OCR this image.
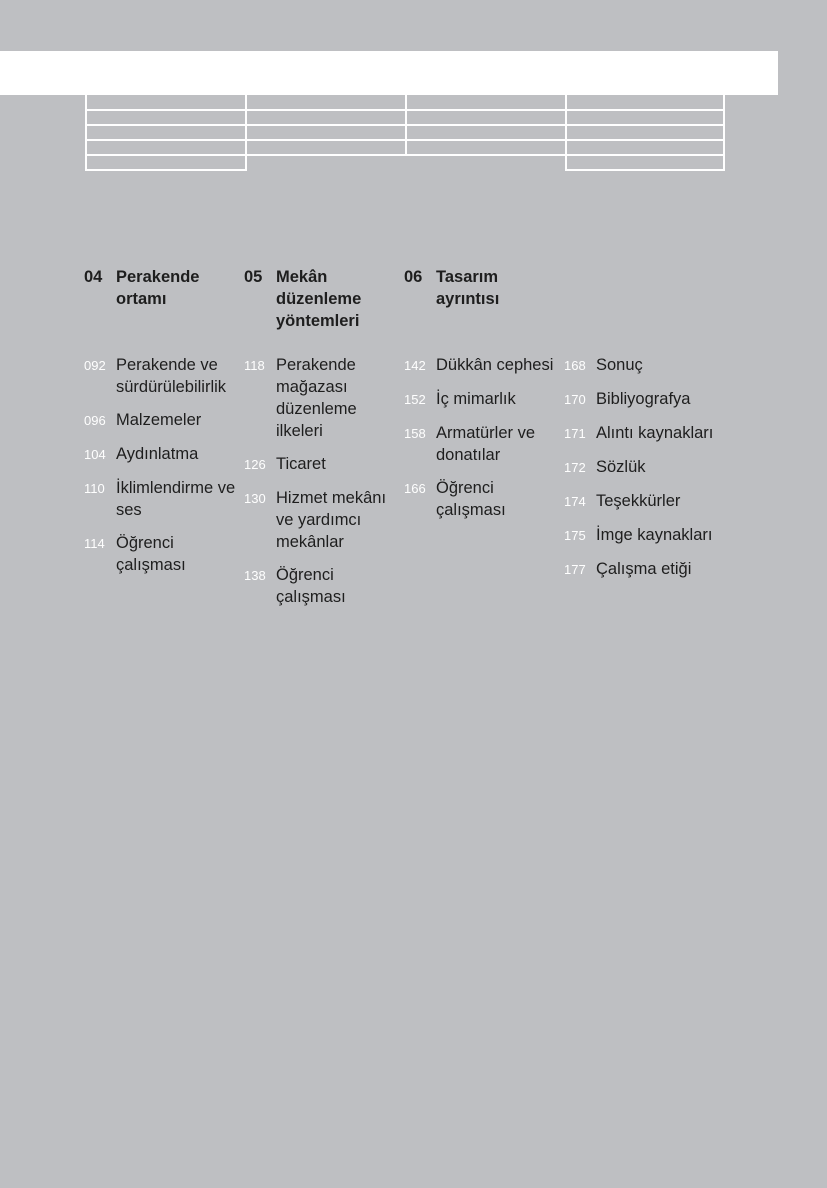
04 Perakende ortamı
05 Mekân düzenleme yöntemleri
06 Tasarım ayrıntısı
092 Perakende ve sürdürülebilirlik
096 Malzemeler
104 Aydınlatma
110 İklimlendirme ve ses
114 Öğrenci çalışması
118 Perakende mağazası düzenleme ilkeleri
126 Ticaret
130 Hizmet mekânı ve yardımcı mekânlar
138 Öğrenci çalışması
142 Dükkân cephesi
152 İç mimarlık
158 Armatürler ve donatılar
166 Öğrenci çalışması
168 Sonuç
170 Bibliyografya
171 Alıntı kaynakları
172 Sözlük
174 Teşekkürler
175 İmge kaynakları
177 Çalışma etiği
